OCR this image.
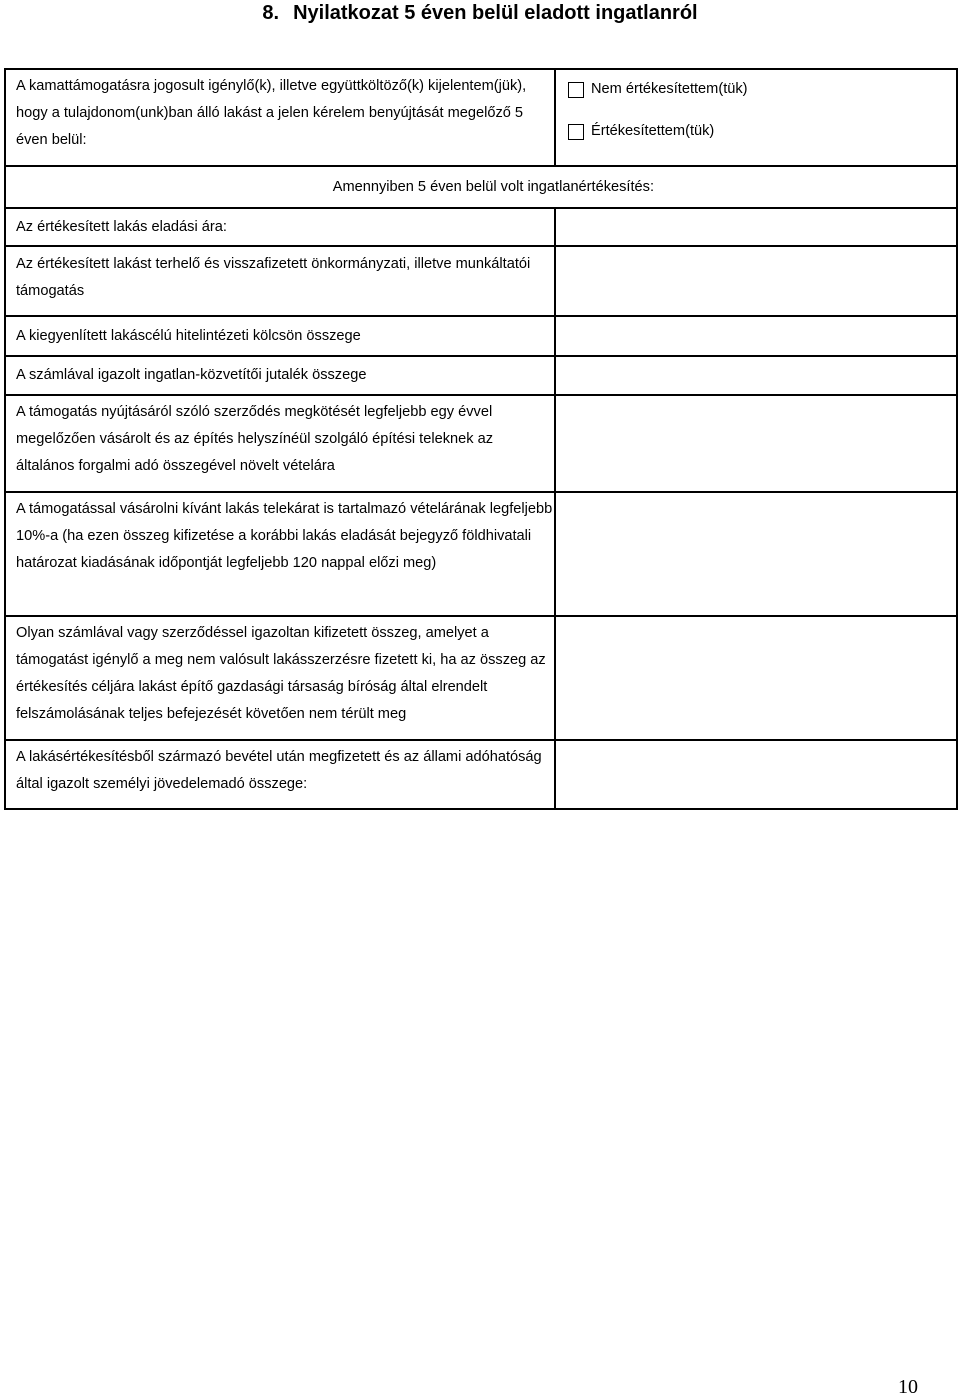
8. Nyilatkozat 5 éven belül eladott ingatlanról
A kamattámogatásra jogosult igénylő(k), illetve együttköltöző(k) kijelentem(jük), hogy a tulajdonom(unk)ban álló lakást a jelen kérelem benyújtását megelőző 5 éven belül:	Nem értékesítettem(tük)
Értékesítettem(tük)

Amennyiben 5 éven belül volt ingatlanértékesítés:	
Az értékesített lakás eladási ára:	
Az értékesített lakást terhelő és visszafizetett önkormányzati, illetve munkáltatói támogatás	
A kiegyenlített lakáscélú hitelintézeti kölcsön összege	
A számlával igazolt ingatlan-közvetítői jutalék összege	
A támogatás nyújtásáról szóló szerződés megkötését legfeljebb egy évvel megelőzően vásárolt és az építés helyszínéül szolgáló építési teleknek az általános forgalmi adó összegével növelt vételára	
A támogatással vásárolni kívánt lakás telekárat is tartalmazó vételárának legfeljebb 10%-a (ha ezen összeg kifizetése a korábbi lakás eladását bejegyző földhivatali határozat kiadásának időpontját legfeljebb 120 nappal előzi meg)	
Olyan számlával vagy szerződéssel igazoltan kifizetett összeg, amelyet a támogatást igénylő a meg nem valósult lakásszerzésre fizetett ki, ha az összeg az értékesítés céljára lakást építő gazdasági társaság bíróság által elrendelt felszámolásának teljes befejezését követően nem térült meg	
A lakásértékesítésből származó bevétel után megfizetett és az állami adóhatóság által igazolt személyi jövedelemadó összege:	
10
